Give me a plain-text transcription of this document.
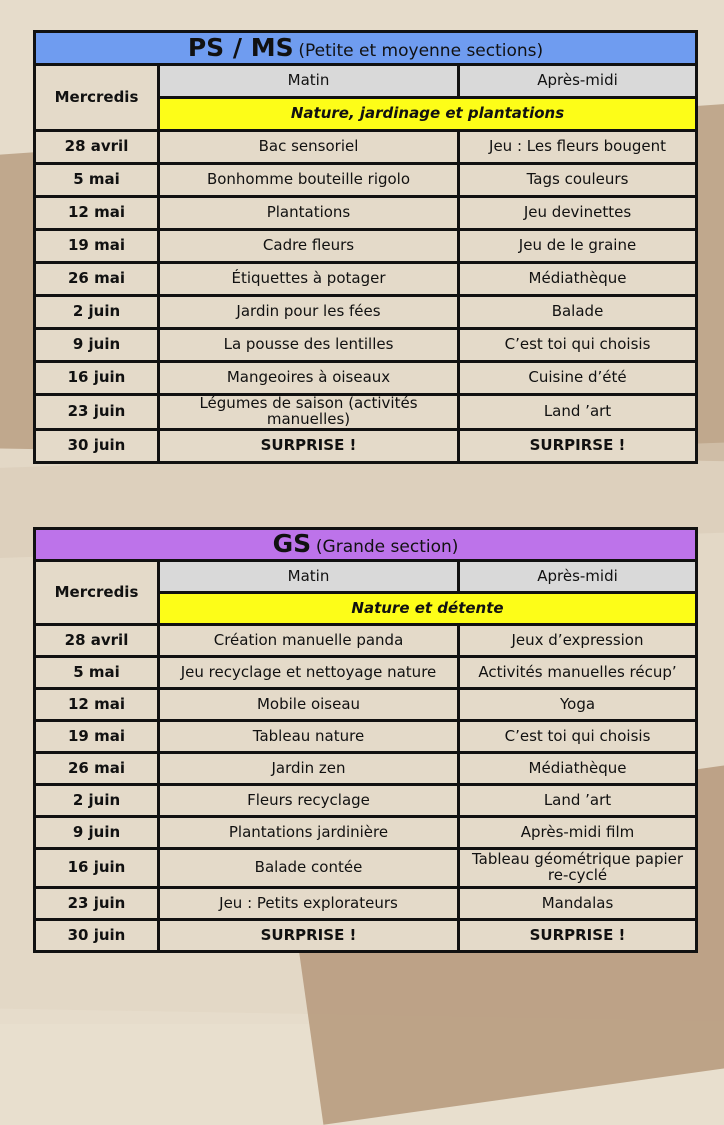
PS / MS (Petite et moyenne sections)		
Mercredis	Matin	Après-midi
	Nature, jardinage et plantations	
28 avril	Bac sensoriel	Jeu : Les fleurs bougent
5 mai	Bonhomme bouteille rigolo	Tags couleurs
12 mai	Plantations	Jeu devinettes
19 mai	Cadre fleurs	Jeu de le graine
26 mai	Étiquettes à potager	Médiathèque
2 juin	Jardin pour les fées	Balade
9 juin	La pousse des lentilles	C’est toi qui choisis
16 juin	Mangeoires à oiseaux	Cuisine d’été
23 juin	Légumes de saison (activités manuelles)	Land ’art
30 juin	SURPRISE !	SURPIRSE !
GS (Grande section)		
Mercredis	Matin	Après-midi
	Nature et détente	
28 avril	Création manuelle panda	Jeux d’expression
5 mai	Jeu recyclage et nettoyage nature	Activités manuelles récup’
12 mai	Mobile oiseau	Yoga
19 mai	Tableau nature	C’est toi qui choisis
26 mai	Jardin zen	Médiathèque
2 juin	Fleurs recyclage	Land ’art
9 juin	Plantations jardinière	Après-midi film
16 juin	Balade contée	Tableau géométrique papier re-cyclé
23 juin	Jeu : Petits explorateurs	Mandalas
30 juin	SURPRISE !	SURPRISE !
